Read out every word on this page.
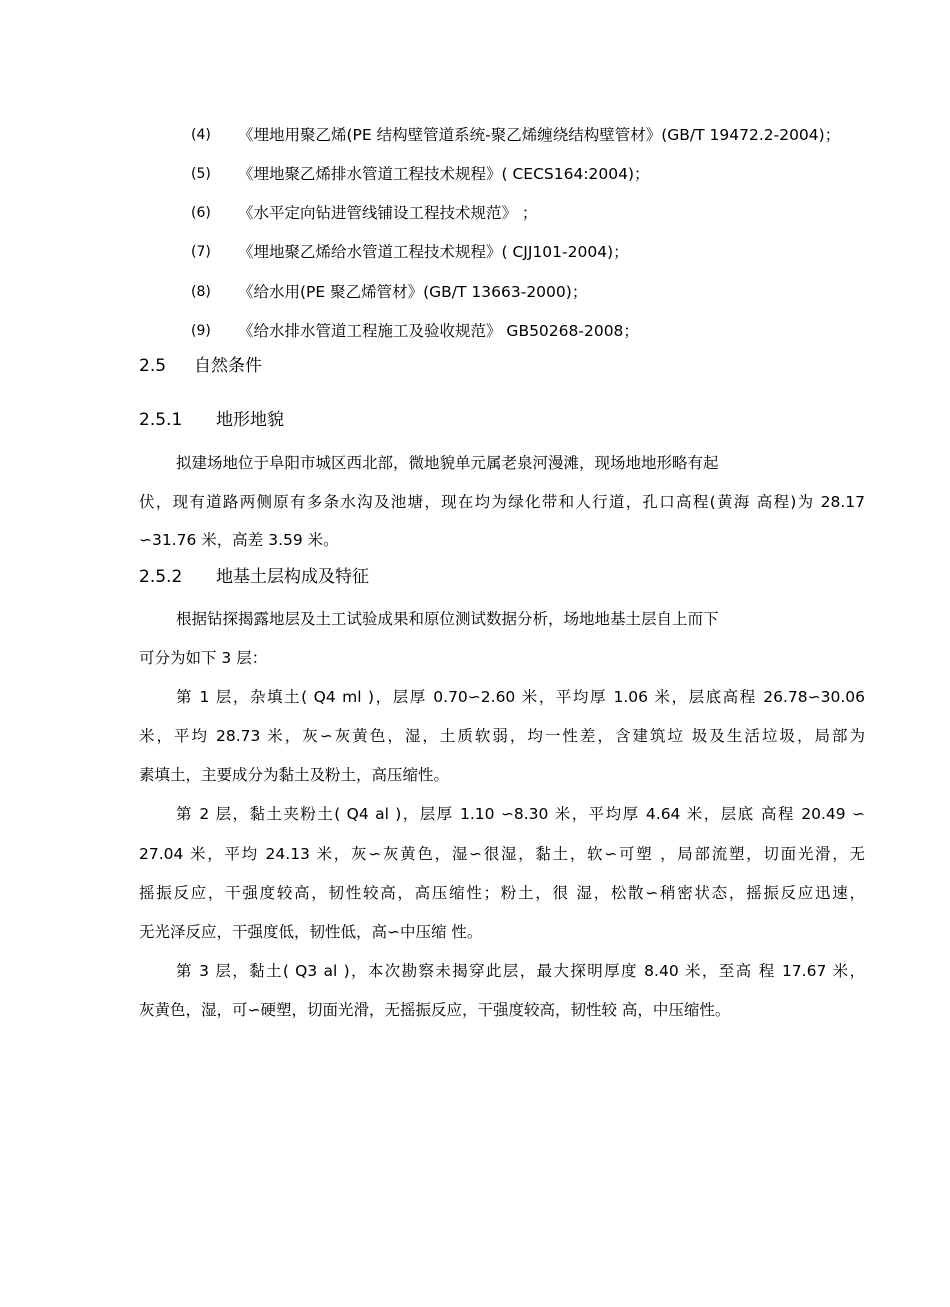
(4) 《埋地用聚乙烯(PE 结构壁管道系统-聚乙烯缠绕结构壁管材》(GB/T 19472.2-2004)；
(5) 《埋地聚乙烯排水管道工程技术规程》( CECS164:2004)；
(6) 《水平定向钻进管线铺设工程技术规范》 ；
(7) 《埋地聚乙烯给水管道工程技术规程》( CJJ101-2004)；
(8) 《给水用(PE 聚乙烯管材》(GB/T 13663-2000)；
(9) 《给水排水管道工程施工及验收规范》 GB50268-2008；
2.5 自然条件
2.5.1 地形地貌
拟建场地位于阜阳市城区西北部，微地貌单元属老泉河漫滩，现场地地形略有起
伏，现有道路两侧原有多条水沟及池塘，现在均为绿化带和人行道，孔口高程(黄海 高程)为 28.17
∽31.76 米，高差 3.59 米。
2.5.2 地基土层构成及特征
根据钻探揭露地层及土工试验成果和原位测试数据分析，场地地基土层自上而下
可分为如下 3 层：
第 1 层，杂填土( Q4 ml )，层厚 0.70∽2.60 米，平均厚 1.06 米，层底高程 26.78∽30.06
米，平均 28.73 米，灰∽灰黄色，湿，土质软弱，均一性差，含建筑垃 圾及生活垃圾，局部为
素填土，主要成分为黏土及粉土，高压缩性。
第 2 层，黏土夹粉土( Q4 al )，层厚 1.10 ∽8.30 米，平均厚 4.64 米，层底 高程 20.49 ∽
27.04 米，平均 24.13 米，灰∽灰黄色，湿∽很湿，黏土，软∽可塑 ，局部流塑，切面光滑，无
摇振反应，干强度较高，韧性较高，高压缩性；粉土，很 湿，松散∽稍密状态，摇振反应迅速，
无光泽反应，干强度低，韧性低，高∽中压缩 性。
第 3 层，黏土( Q3 al )，本次勘察未揭穿此层，最大探明厚度 8.40 米，至高 程 17.67 米，
灰黄色，湿，可∽硬塑，切面光滑，无摇振反应，干强度较高，韧性较 高，中压缩性。
